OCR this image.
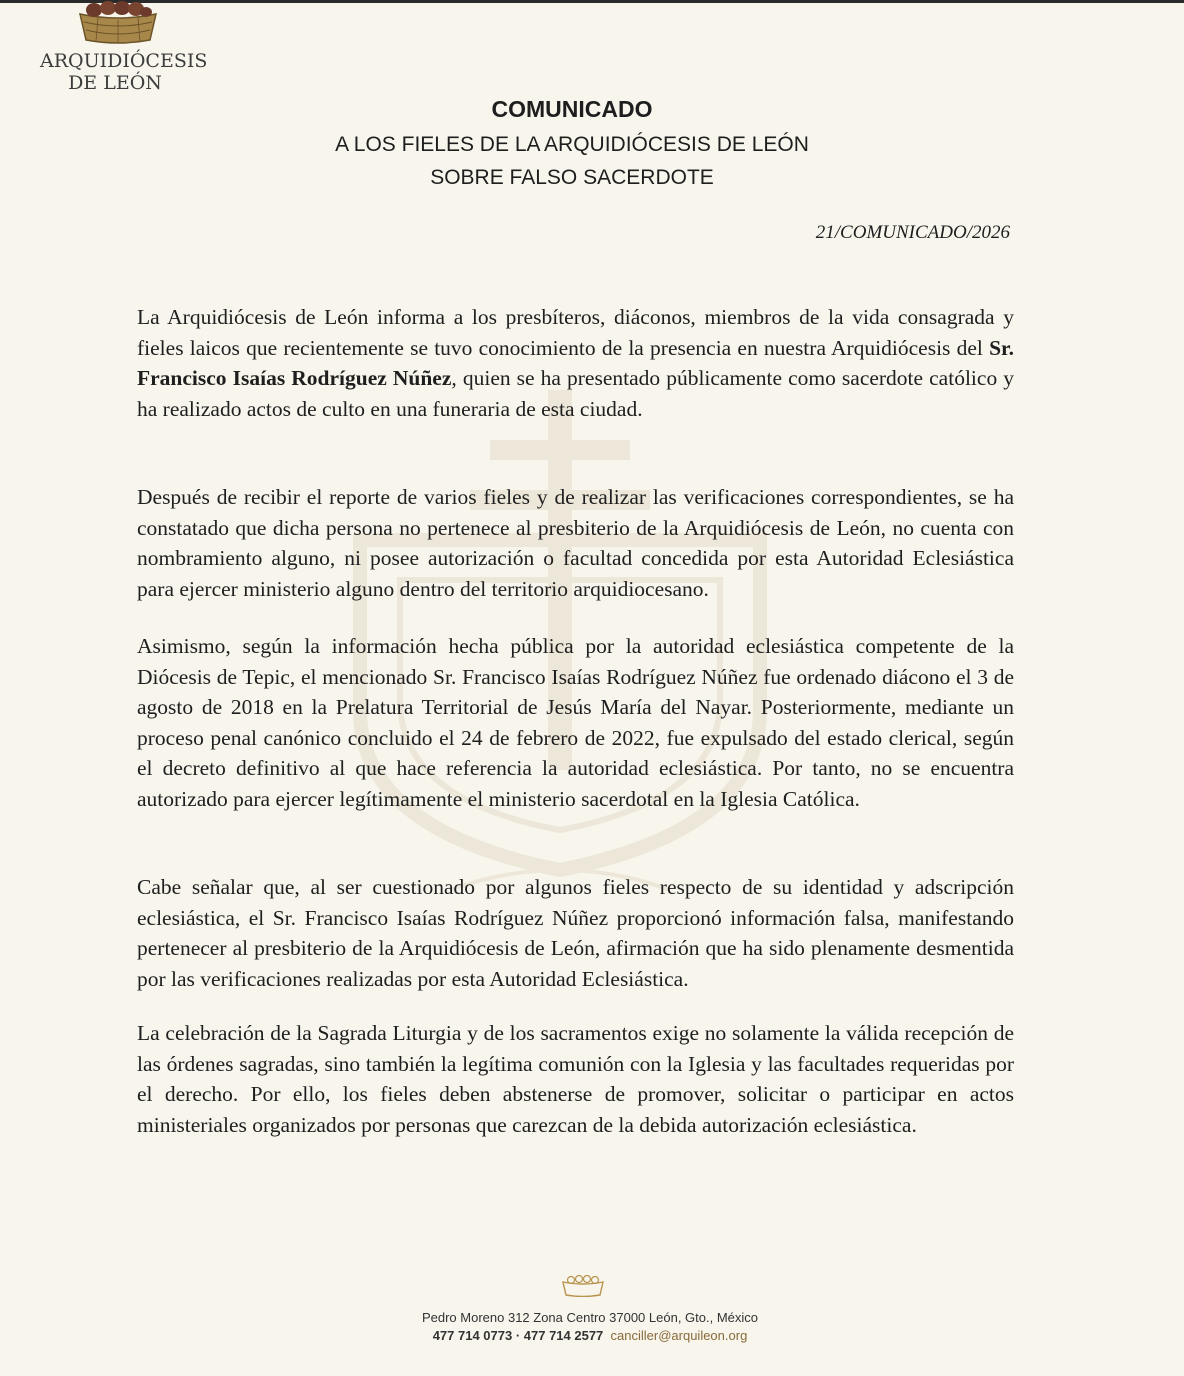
ARQUIDIÓCESIS
DE LEÓN
COMUNICADO
A LOS FIELES DE LA ARQUIDIÓCESIS DE LEÓN
SOBRE FALSO SACERDOTE
21/COMUNICADO/2026

La Arquidiócesis de León informa a los presbíteros, diáconos, miembros de la vida consagrada y fieles laicos que recientemente se tuvo conocimiento de la presencia en nuestra Arquidiócesis del Sr. Francisco Isaías Rodríguez Núñez, quien se ha presentado públicamente como sacerdote católico y ha realizado actos de culto en una funeraria de esta ciudad.

Después de recibir el reporte de varios fieles y de realizar las verificaciones correspondientes, se ha constatado que dicha persona no pertenece al presbiterio de la Arquidiócesis de León, no cuenta con nombramiento alguno, ni posee autorización o facultad concedida por esta Autoridad Eclesiástica para ejercer ministerio alguno dentro del territorio arquidiocesano.

Asimismo, según la información hecha pública por la autoridad eclesiástica competente de la Diócesis de Tepic, el mencionado Sr. Francisco Isaías Rodríguez Núñez fue ordenado diácono el 3 de agosto de 2018 en la Prelatura Territorial de Jesús María del Nayar. Posteriormente, mediante un proceso penal canónico concluido el 24 de febrero de 2022, fue expulsado del estado clerical, según el decreto definitivo al que hace referencia la autoridad eclesiástica. Por tanto, no se encuentra autorizado para ejercer legítimamente el ministerio sacerdotal en la Iglesia Católica.

Cabe señalar que, al ser cuestionado por algunos fieles respecto de su identidad y adscripción eclesiástica, el Sr. Francisco Isaías Rodríguez Núñez proporcionó información falsa, manifestando pertenecer al presbiterio de la Arquidiócesis de León, afirmación que ha sido plenamente desmentida por las verificaciones realizadas por esta Autoridad Eclesiástica.

La celebración de la Sagrada Liturgia y de los sacramentos exige no solamente la válida recepción de las órdenes sagradas, sino también la legítima comunión con la Iglesia y las facultades requeridas por el derecho. Por ello, los fieles deben abstenerse de promover, solicitar o participar en actos ministeriales organizados por personas que carezcan de la debida autorización eclesiástica.

Pedro Moreno 312 Zona Centro 37000 León, Gto., México
477 714 0773 · 477 714 2577 canciller@arquileon.org
